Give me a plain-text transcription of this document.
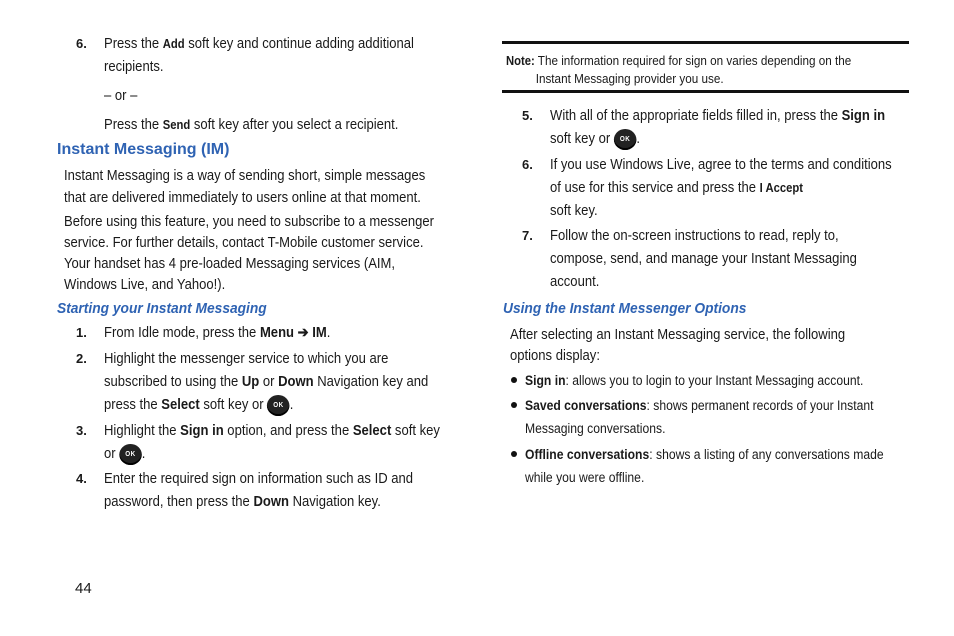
6. Press the Add soft key and continue adding additional
recipients.
– or –
Press the Send soft key after you select a recipient.
Instant Messaging (IM)
Instant Messaging is a way of sending short, simple messages
that are delivered immediately to users online at that moment.
Before using this feature, you need to subscribe to a messenger
service. For further details, contact T-Mobile customer service.
Your handset has 4 pre-loaded Messaging services (AIM,
Windows Live, and Yahoo!).
Starting your Instant Messaging
1. From Idle mode, press the Menu ➔ IM.
2. Highlight the messenger service to which you are
subscribed to using the Up or Down Navigation key and
press the Select soft key or OK .
3. Highlight the Sign in option, and press the Select soft key
or OK .
4. Enter the required sign on information such as ID and
password, then press the Down Navigation key.
Note: The information required for sign on varies depending on the
Instant Messaging provider you use.
5. With all of the appropriate fields filled in, press the Sign in
soft key or OK .
6. If you use Windows Live, agree to the terms and conditions
of use for this service and press the I Accept
soft key.
7. Follow the on-screen instructions to read, reply to,
compose, send, and manage your Instant Messaging
account.
Using the Instant Messenger Options
After selecting an Instant Messaging service, the following
options display:
Sign in: allows you to login to your Instant Messaging account.
Saved conversations: shows permanent records of your Instant
Messaging conversations.
Offline conversations: shows a listing of any conversations made
while you were offline.
44
